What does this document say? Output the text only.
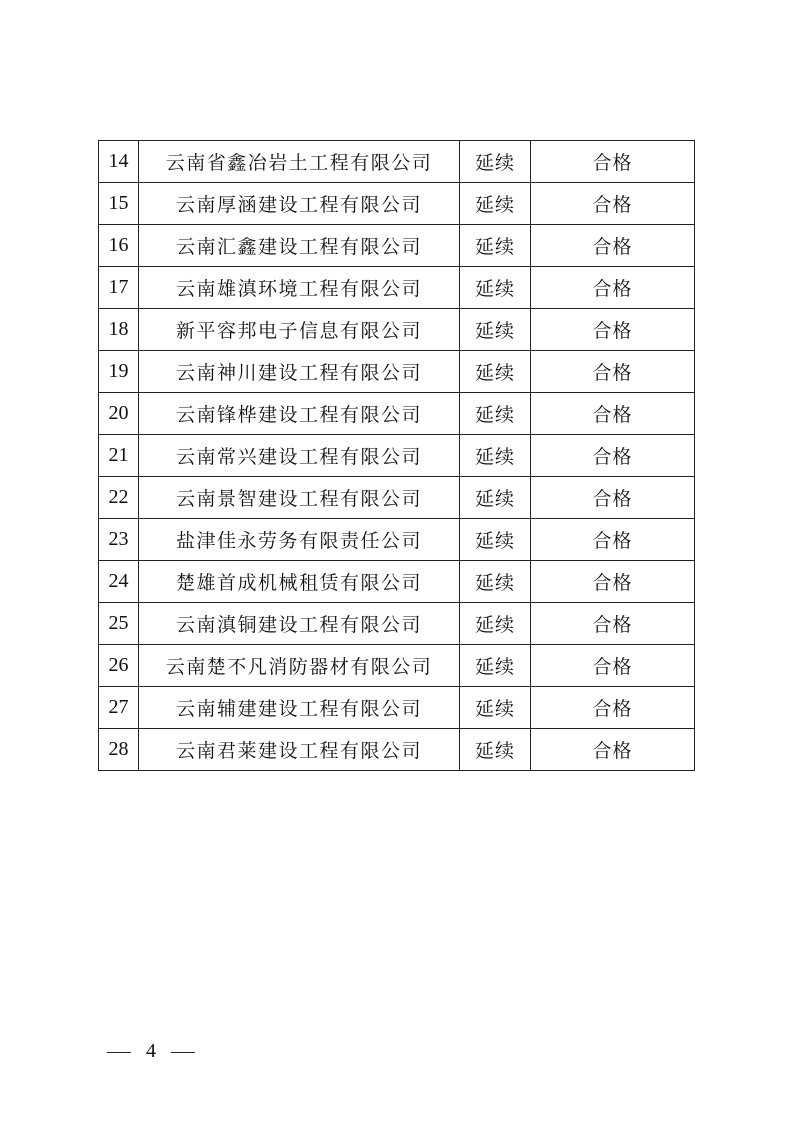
14	云南省鑫冶岩土工程有限公司	延续	合格
15	云南厚涵建设工程有限公司	延续	合格
16	云南汇鑫建设工程有限公司	延续	合格
17	云南雄滇环境工程有限公司	延续	合格
18	新平容邦电子信息有限公司	延续	合格
19	云南神川建设工程有限公司	延续	合格
20	云南锋桦建设工程有限公司	延续	合格
21	云南常兴建设工程有限公司	延续	合格
22	云南景智建设工程有限公司	延续	合格
23	盐津佳永劳务有限责任公司	延续	合格
24	楚雄首成机械租赁有限公司	延续	合格
25	云南滇铜建设工程有限公司	延续	合格
26	云南楚不凡消防器材有限公司	延续	合格
27	云南辅建建设工程有限公司	延续	合格
28	云南君莱建设工程有限公司	延续	合格
4
